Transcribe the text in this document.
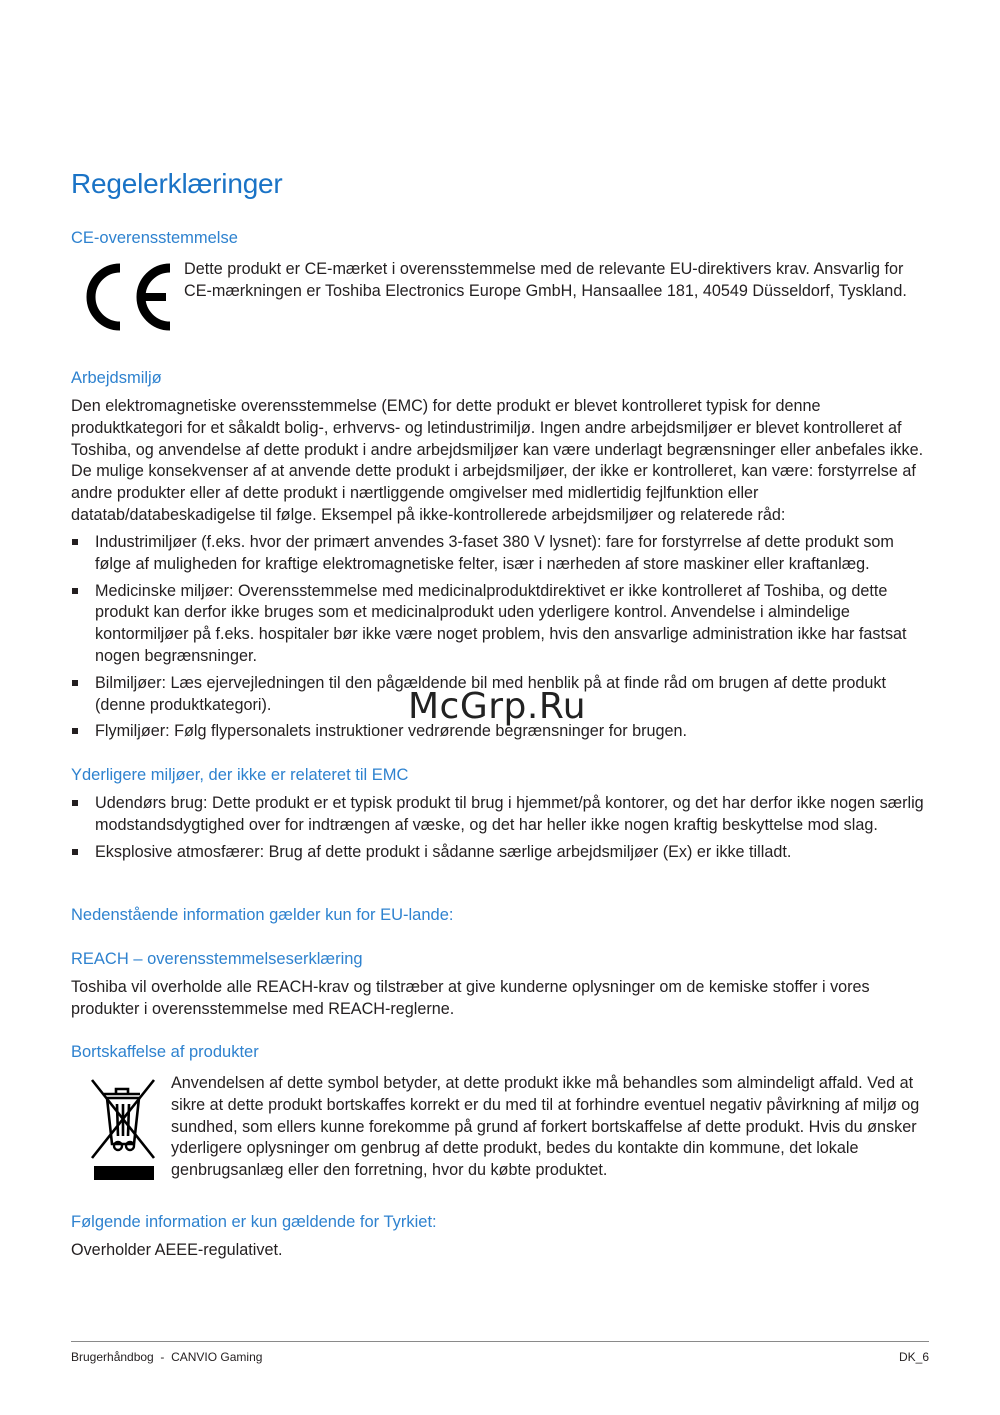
Regelerklæringer
CE-overensstemmelse

Dette produkt er CE-mærket i overensstemmelse med de relevante EU-direktivers krav. Ansvarlig for CE-mærkningen er Toshiba Electronics Europe GmbH, Hansaallee 181, 40549 Düsseldorf, Tyskland.

Arbejdsmiljø

Den elektromagnetiske overensstemmelse (EMC) for dette produkt er blevet kontrolleret typisk for denne produktkategori for et såkaldt bolig-, erhvervs- og letindustrimiljø. Ingen andre arbejdsmiljøer er blevet kontrolleret af Toshiba, og anvendelse af dette produkt i andre arbejdsmiljøer kan være underlagt begrænsninger eller anbefales ikke. De mulige konsekvenser af at anvende dette produkt i arbejdsmiljøer, der ikke er kontrolleret, kan være: forstyrrelse af andre produkter eller af dette produkt i nærtliggende omgivelser med midlertidig fejlfunktion eller datatab/databeskadigelse til følge. Eksempel på ikke-kontrollerede arbejdsmiljøer og relaterede råd:

Industrimiljøer (f.eks. hvor der primært anvendes 3-faset 380 V lysnet): fare for forstyrrelse af dette produkt som følge af muligheden for kraftige elektromagnetiske felter, især i nærheden af store maskiner eller kraftanlæg.
Medicinske miljøer: Overensstemmelse med medicinalproduktdirektivet er ikke kontrolleret af Toshiba, og dette produkt kan derfor ikke bruges som et medicinalprodukt uden yderligere kontrol. Anvendelse i almindelige kontormiljøer på f.eks. hospitaler bør ikke være noget problem, hvis den ansvarlige administration ikke har fastsat nogen begrænsninger.
Bilmiljøer: Læs ejervejledningen til den pågældende bil med henblik på at finde råd om brugen af dette produkt (denne produktkategori).
Flymiljøer: Følg flypersonalets instruktioner vedrørende begrænsninger for brugen.
Yderligere miljøer, der ikke er relateret til EMC
Udendørs brug: Dette produkt er et typisk produkt til brug i hjemmet/på kontorer, og det har derfor ikke nogen særlig modstandsdygtighed over for indtrængen af væske, og det har heller ikke nogen kraftig beskyttelse mod slag.
Eksplosive atmosfærer: Brug af dette produkt i sådanne særlige arbejdsmiljøer (Ex) er ikke tilladt.
Nedenstående information gælder kun for EU-lande:
REACH – overensstemmelseserklæring

Toshiba vil overholde alle REACH-krav og tilstræber at give kunderne oplysninger om de kemiske stoffer i vores produkter i overensstemmelse med REACH-reglerne.

Bortskaffelse af produkter

Anvendelsen af dette symbol betyder, at dette produkt ikke må behandles som almindeligt affald. Ved at sikre at dette produkt bortskaffes korrekt er du med til at forhindre eventuel negativ påvirkning af miljø og sundhed, som ellers kunne forekomme på grund af forkert bortskaffelse af dette produkt. Hvis du ønsker yderligere oplysninger om genbrug af dette produkt, bedes du kontakte din kommune, det lokale genbrugsanlæg eller den forretning, hvor du købte produktet.

Følgende information er kun gældende for Tyrkiet:

Overholder AEEE-regulativet.

Brugerhåndbog  -  CANVIO Gaming	DK_6
McGrp.Ru
